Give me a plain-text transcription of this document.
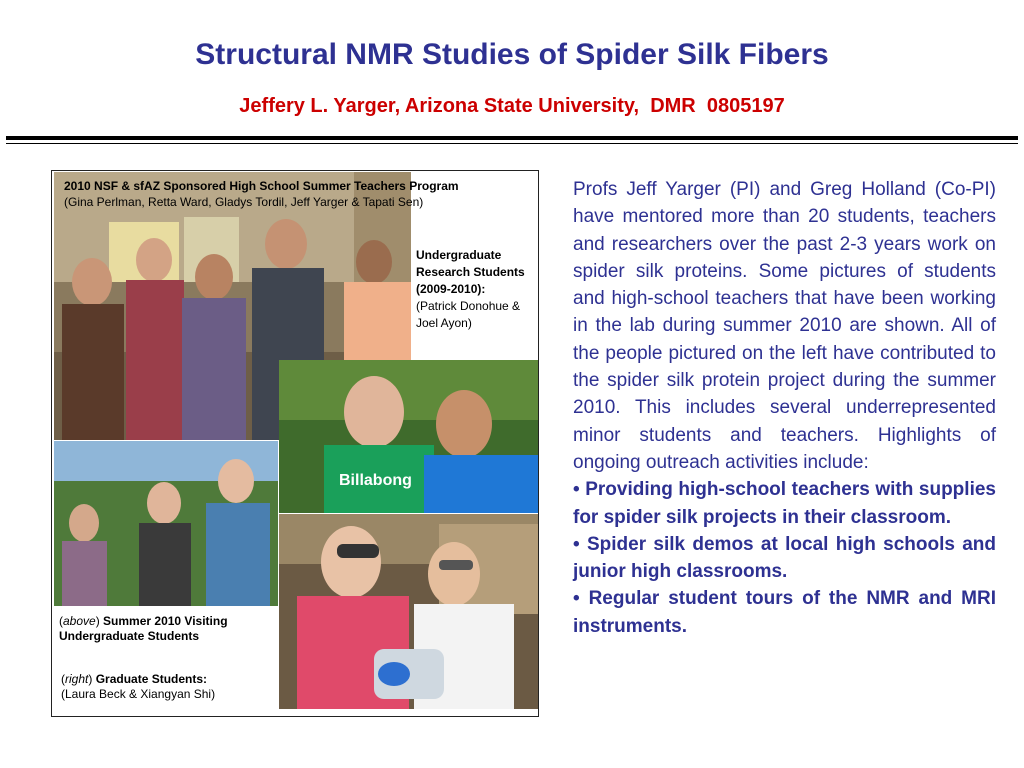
Structural NMR Studies of Spider Silk Fibers
Jeffery L. Yarger, Arizona State University,  DMR  0805197
2010 NSF & sfAZ Sponsored High School Summer Teachers Program
(Gina Perlman, Retta Ward, Gladys Tordil, Jeff Yarger & Tapati Sen)
Undergraduate Research Students (2009-2010):
(Patrick Donohue & Joel Ayon)
Billabong
(above) Summer 2010 Visiting Undergraduate Students
(right) Graduate Students:
(Laura Beck & Xiangyan Shi)

Profs Jeff Yarger (PI) and Greg Holland (Co-PI) have mentored more than 20 students, teachers and researchers over the past 2-3 years work on spider silk proteins. Some pictures of students and high-school teachers that have been working in the lab during summer 2010 are shown. All of the people pictured on the left have contributed to the spider silk protein project during the summer 2010. This includes several underrepresented minor students and teachers. Highlights of ongoing outreach activities include:

• Providing high-school teachers with supplies for spider silk projects in their classroom.

• Spider silk demos at local high schools and junior high classrooms.

• Regular student tours of the NMR and MRI instruments.
